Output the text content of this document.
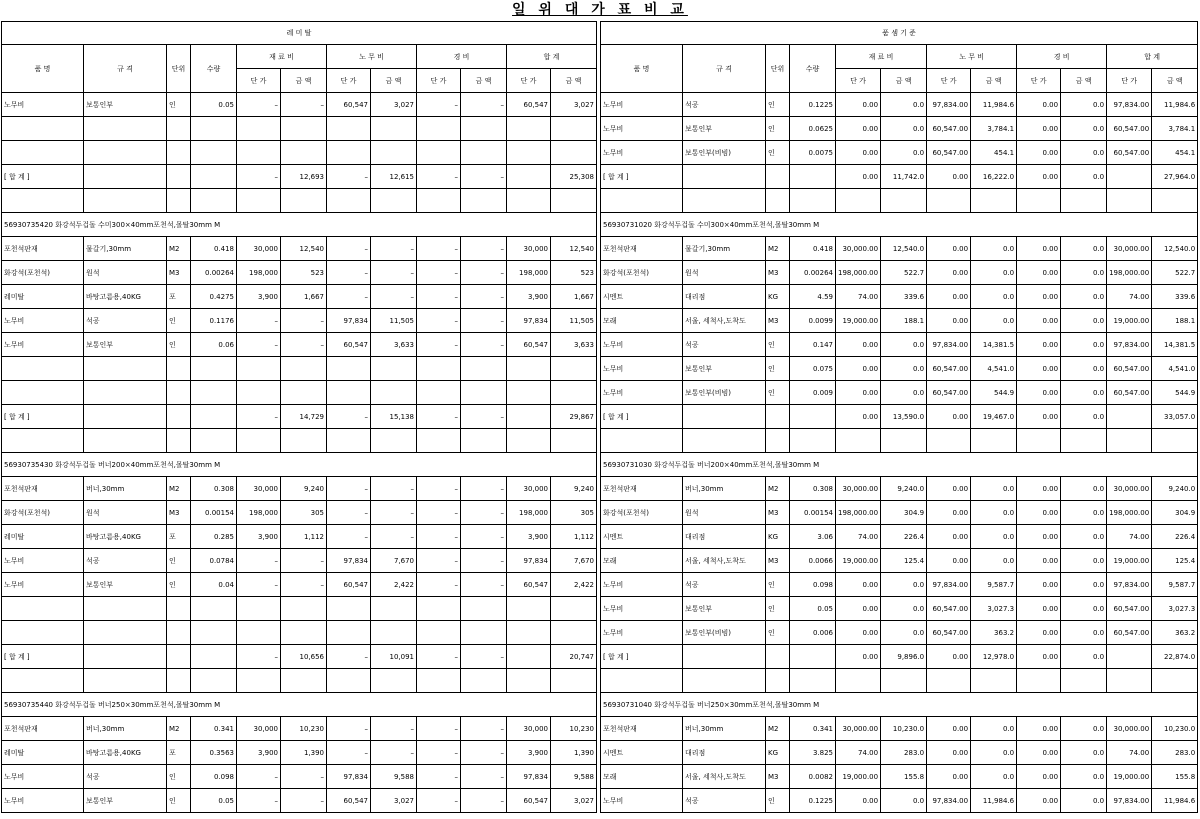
일 위 대 가 표 비 교
레 미 탈											
품 명	규 격	단위	수량	재 료 비		노 무 비		경 비		합 계	
				단 가	금 액	단 가	금 액	단 가	금 액	단 가	금 액
노무비	보통인부	인	0.05	–	–	60,547	3,027	–	–	60,547	3,027

[ 합 계 ]				–	12,693	–	12,615	–	–		25,308

56930735420 화강석두겁돌 수미300×40mm포천석,몰탈30mm M											
포천석판재	물갈기,30mm	M2	0.418	30,000	12,540	–	–	–	–	30,000	12,540
화강석(포천석)	원석	M3	0.00264	198,000	523	–	–	–	–	198,000	523
레미탈	바탕고름용,40KG	포	0.4275	3,900	1,667	–	–	–	–	3,900	1,667
노무비	석공	인	0.1176	–	–	97,834	11,505	–	–	97,834	11,505
노무비	보통인부	인	0.06	–	–	60,547	3,633	–	–	60,547	3,633

[ 합 계 ]				–	14,729	–	15,138	–	–		29,867

56930735430 화강석두겁돌 버너200×40mm포천석,몰탈30mm M											
포천석판재	버너,30mm	M2	0.308	30,000	9,240	–	–	–	–	30,000	9,240
화강석(포천석)	원석	M3	0.00154	198,000	305	–	–	–	–	198,000	305
레미탈	바탕고름용,40KG	포	0.285	3,900	1,112	–	–	–	–	3,900	1,112
노무비	석공	인	0.0784	–	–	97,834	7,670	–	–	97,834	7,670
노무비	보통인부	인	0.04	–	–	60,547	2,422	–	–	60,547	2,422

[ 합 계 ]				–	10,656	–	10,091	–	–		20,747

56930735440 화강석두겁돌 버너250×30mm포천석,몰탈30mm M											
포천석판재	버너,30mm	M2	0.341	30,000	10,230	–	–	–	–	30,000	10,230
레미탈	바탕고름용,40KG	포	0.3563	3,900	1,390	–	–	–	–	3,900	1,390
노무비	석공	인	0.098	–	–	97,834	9,588	–	–	97,834	9,588
노무비	보통인부	인	0.05	–	–	60,547	3,027	–	–	60,547	3,027
품 셈 기 준											
품 명	규 격	단위	수량	재 료 비		노 무 비		경 비		합 계	
				단 가	금 액	단 가	금 액	단 가	금 액	단 가	금 액
노무비	석공	인	0.1225	0.00	0.0	97,834.00	11,984.6	0.00	0.0	97,834.00	11,984.6
노무비	보통인부	인	0.0625	0.00	0.0	60,547.00	3,784.1	0.00	0.0	60,547.00	3,784.1
노무비	보통인부(비빔)	인	0.0075	0.00	0.0	60,547.00	454.1	0.00	0.0	60,547.00	454.1
[ 합 계 ]				0.00	11,742.0	0.00	16,222.0	0.00	0.0		27,964.0

56930731020 화강석두겁돌 수미300×40mm포천석,몰탈30mm M											
포천석판재	물갈기,30mm	M2	0.418	30,000.00	12,540.0	0.00	0.0	0.00	0.0	30,000.00	12,540.0
화강석(포천석)	원석	M3	0.00264	198,000.00	522.7	0.00	0.0	0.00	0.0	198,000.00	522.7
시멘트	대리점	KG	4.59	74.00	339.6	0.00	0.0	0.00	0.0	74.00	339.6
모래	서울, 세척사,도착도	M3	0.0099	19,000.00	188.1	0.00	0.0	0.00	0.0	19,000.00	188.1
노무비	석공	인	0.147	0.00	0.0	97,834.00	14,381.5	0.00	0.0	97,834.00	14,381.5
노무비	보통인부	인	0.075	0.00	0.0	60,547.00	4,541.0	0.00	0.0	60,547.00	4,541.0
노무비	보통인부(비빔)	인	0.009	0.00	0.0	60,547.00	544.9	0.00	0.0	60,547.00	544.9
[ 합 계 ]				0.00	13,590.0	0.00	19,467.0	0.00	0.0		33,057.0

56930731030 화강석두겁돌 버너200×40mm포천석,몰탈30mm M											
포천석판재	버너,30mm	M2	0.308	30,000.00	9,240.0	0.00	0.0	0.00	0.0	30,000.00	9,240.0
화강석(포천석)	원석	M3	0.00154	198,000.00	304.9	0.00	0.0	0.00	0.0	198,000.00	304.9
시멘트	대리점	KG	3.06	74.00	226.4	0.00	0.0	0.00	0.0	74.00	226.4
모래	서울, 세척사,도착도	M3	0.0066	19,000.00	125.4	0.00	0.0	0.00	0.0	19,000.00	125.4
노무비	석공	인	0.098	0.00	0.0	97,834.00	9,587.7	0.00	0.0	97,834.00	9,587.7
노무비	보통인부	인	0.05	0.00	0.0	60,547.00	3,027.3	0.00	0.0	60,547.00	3,027.3
노무비	보통인부(비빔)	인	0.006	0.00	0.0	60,547.00	363.2	0.00	0.0	60,547.00	363.2
[ 합 계 ]				0.00	9,896.0	0.00	12,978.0	0.00	0.0		22,874.0

56930731040 화강석두겁돌 버너250×30mm포천석,몰탈30mm M											
포천석판재	버너,30mm	M2	0.341	30,000.00	10,230.0	0.00	0.0	0.00	0.0	30,000.00	10,230.0
시멘트	대리점	KG	3.825	74.00	283.0	0.00	0.0	0.00	0.0	74.00	283.0
모래	서울, 세척사,도착도	M3	0.0082	19,000.00	155.8	0.00	0.0	0.00	0.0	19,000.00	155.8
노무비	석공	인	0.1225	0.00	0.0	97,834.00	11,984.6	0.00	0.0	97,834.00	11,984.6
